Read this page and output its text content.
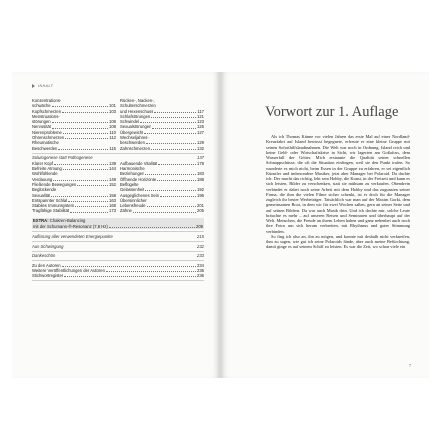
INHALT
Konzentrations-
schwäche	101
Kopfschmerzen	103
Menstruations-
störungen	106
Nervosität	108
Nierenprobleme	110
Ohrenschmerzen	112
Rheumatische
Beschwerden	115
Rücken-, Nacken-,
Schulterschmerzen
und Hexenschuss	117
Schlafstörungen	121
Schwindel	123
Sexualstörungen	125
Übergewicht	127
Wechseljahres-
beschwerden	129
Zahnschmerzen	132
Solutogenese statt Pathogenese	137
Klarer Kopf	139
Befreite Atmung	144
Wohlfühlende
Verdauung	148
Fließende Bewegungen	152
Beglückende
Sexualität	158
Entspannter Schlaf	163
Stabiles Immunsystem	168
Tragfähige Stabilität	173
Aufbauende Vitalität	178
Harmonische
Beziehungen	183
Öffnende Horizonte	188
Beflügelte
Gelassenheit	192
Ausgeglichenes Sein	196
Übersinnlicher
Lebensfreude	201
Zähne	205
EXTRA: Chakren-Balancing
mit der Schumann-®-Resonanz (7,8 Hz)	209
Auflistung aller verwendeten Energiepunkte	215
Aus-Schwingung	232
Dankeschön	233
Zu den Autoren	234
Weitere Veröffentlichungen der Autoren	235
Stichwortregister	236
Vorwort zur 1. Auflage

Als ich Thomas Künne vor vielen Jahren das erste Mal auf einer Nordland-Kreuzfahrt auf Island bewusst begegnete, erfreute er eine kleine Gruppe mit seinen Soforthilfslaudtnahmen. Die Welt war noch in Ordnung, Island reich und keine Geld- oder Wirtschaftskrise in Sicht, wir lagerten am Goßafoss, dem Wasserfall der Götter. Mich erstaunte die Qualität seiner schnellen Schnappschüsse, die oft die Situation einfingen, weil sie den Punkt trafen. So wunderte es mich nicht, beim Essen in der Gruppe zu erfahren, er sei eigentlich Künstler und imbesondere Musiker, jetzt aber Manager bei Polaroid. Da dachte ich: Der macht das richtig, lebt sein Hobby, die Kunst, in der Freizeit und kann es sich leisten, Bilder zu verschenken, statt sie mühsam zu verkaufen. Obendrein verbindet er dabei noch seine Arbeit mit dem Hobby und das zugunsten seiner Firma, die ihm die vielen Filme sicher schenkt, ist er doch für die Manager zugleich ihr bester Werbeträger. Tatsächlich war man auf der Maxim Gorki, dem gemeinsamen Boot, in dem wir für zwei Wochen saßen, gern an seiner Seite und auf seinen Bildern. Da war auch Musik drin. Und ich dachte mir, solche Leute bräuchte es mehr – auf unseren Reisen und Seminaren und überhaupt auf der Welt. Menschen, die Freude an ihrem Leben haben und ganz nebenbei auch noch ihre Fotos um sich herum verbreiten, mit Rhythmus und guter Stimmung verbinden.

So fing ich also an, ihn zu mögen, und konnte mit deshalb nicht verkneifen, ihm zu sagen, wie gut ich seine Polaroids fände, aber auch meine Befürchtung, damit ginge es auf seinem Schiff zu leisten. Es war die Zeit, wo schon viele ein

7
